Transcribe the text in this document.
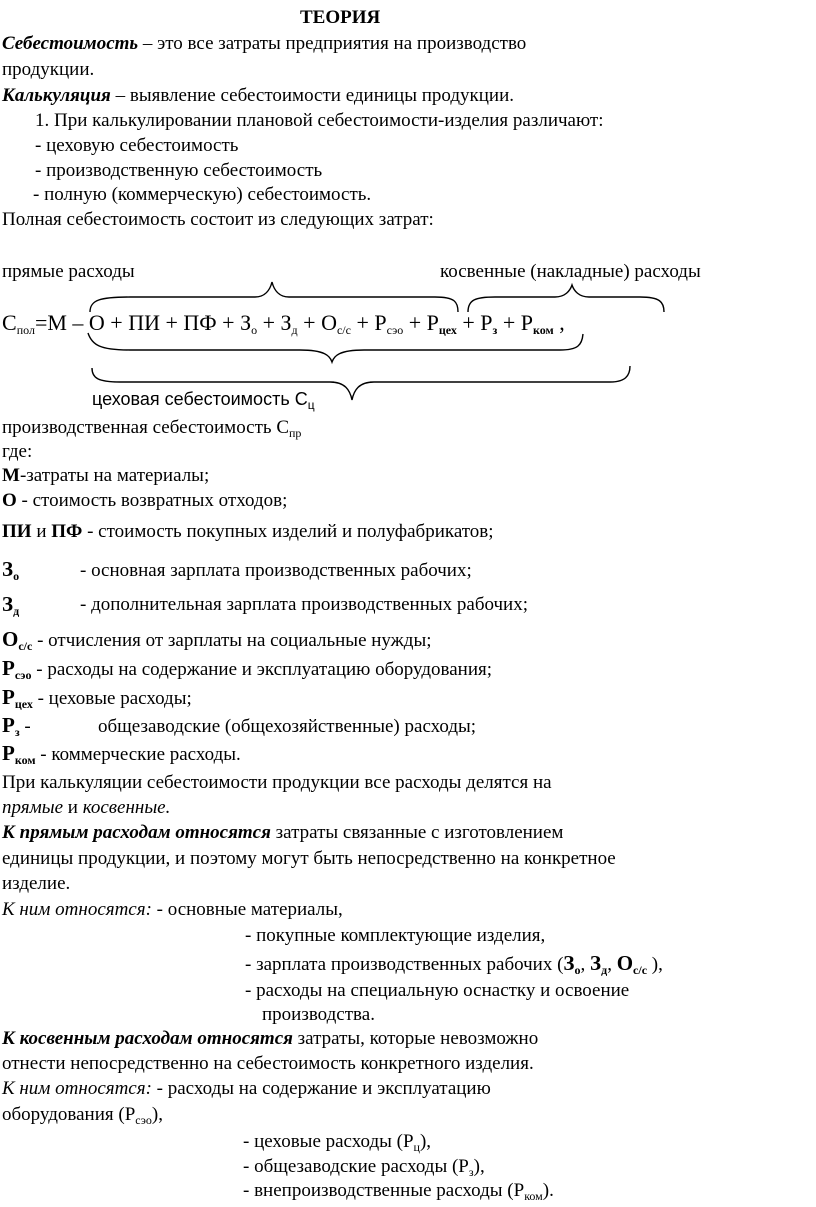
ТЕОРИЯ
Себестоимость – это все затраты предприятия на производство
продукции.
Калькуляция – выявление себестоимости единицы продукции.
1. При калькулировании плановой себестоимости-изделия различают:
- цеховую себестоимость
- производственную себестоимость
- полную (коммерческую) себестоимость.
Полная себестоимость состоит из следующих затрат:
прямые расходы	косвенные (накладные) расходы
$С_{пол}=М - О$ + ПИ + ПФ + $З_о + З_д + О_{с/с} + Р_{сэо}$ + Рцех + Рз + Рком ,
цеховая себестоимость $С_ц$
производственная себестоимость $С_{пр}$
где:
М-затраты на материалы;
О - стоимость возвратных отходов;
ПИ и ПФ - стоимость покупных изделий и полуфабрикатов;
$З_о$	- основная зарплата производственных рабочих;
$З_д$	- дополнительная зарплата производственных рабочих;
$О_{с/с}$ - отчисления от зарплаты на социальные нужды;
$Р_{сэо}$ - расходы на содержание и эксплуатацию оборудования;
$Р_{цех}$ - цеховые расходы;
$Р_з$ -	общезаводские (общехозяйственные) расходы;
$Р_{ком}$ - коммерческие расходы.
При калькуляции себестоимости продукции все расходы делятся на
прямые и косвенные.
К прямым расходам относятся затраты связанные с изготовлением
единицы продукции, и поэтому могут быть непосредственно на конкретное
изделие.
К ним относятся: - основные материалы,
- покупные комплектующие изделия,
- зарплата производственных рабочих ($З_о$, $З_д$, $О_{с/с}$ ),
- расходы на специальную оснастку и освоение
производства.
К косвенным расходам относятся затраты, которые невозможно
отнести непосредственно на себестоимость конкретного изделия.
К ним относятся: - расходы на содержание и эксплуатацию
оборудования $(Р_{сэо})$,
- цеховые расходы $(Р_ц)$,
- общезаводские расходы $(Р_з)$,
- внепроизводственные расходы $(Р_{ком})$.
